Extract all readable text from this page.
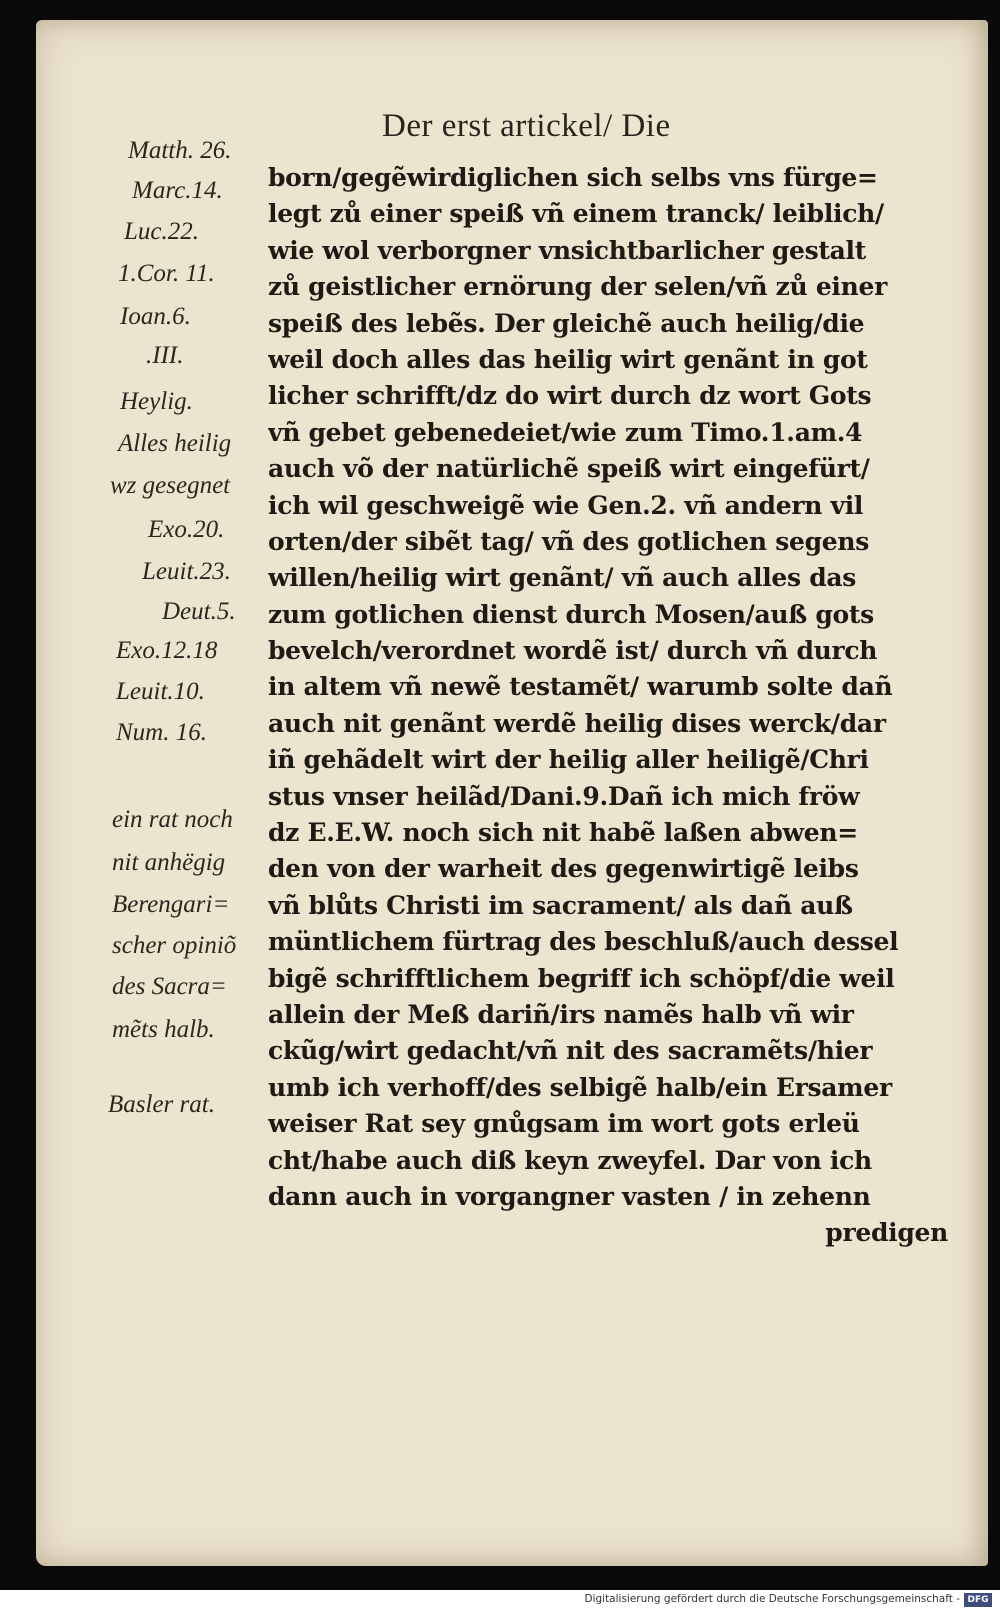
Der erst artickel/ Die

Matth. 26.

Marc.14.

Luc.22.

1.Cor. 11.

Ioan.6.

.III.

Heylig.

Alles heilig

wz gesegnet

Exo.20.

Leuit.23.

Deut.5.

Exo.12.18

Leuit.10.

Num. 16.

ein rat noch

nit anhëgig

Berengari=

scher opiniõ

des Sacra=

mẽts halb.

Basler rat.

born/gegẽwirdiglichen sich selbs vns fürge=

legt zů einer speiß vñ einem tranck/ leiblich/

wie wol verborgner vnsichtbarlicher gestalt

zů geistlicher ernörung der selen/vñ zů einer

speiß des lebẽs. Der gleichẽ auch heilig/die

weil doch alles das heilig wirt genãnt in got

licher schrifft/dz do wirt durch dz wort Gots

vñ gebet gebenedeiet/wie zum Timo.1.am.4

auch võ der natürlichẽ speiß wirt eingefürt/

ich wil geschweigẽ wie Gen.2. vñ andern vil

orten/der sibẽt tag/ vñ des gotlichen segens

willen/heilig wirt genãnt/ vñ auch alles das

zum gotlichen dienst durch Mosen/auß gots

bevelch/verordnet wordẽ ist/ durch vñ durch

in altem vñ newẽ testamẽt/ warumb solte dañ

auch nit genãnt werdẽ heilig dises werck/dar

iñ gehãdelt wirt der heilig aller heiligẽ/Chri

stus vnser heilãd/Dani.9.Dañ ich mich fröw

dz E.E.W. noch sich nit habẽ laßen abwen=

den von der warheit des gegenwirtigẽ leibs

vñ blůts Christi im sacrament/ als dañ auß

müntlichem fürtrag des beschluß/auch dessel

bigẽ schrifftlichem begriff ich schöpf/die weil

allein der Meß dariñ/irs namẽs halb vñ wir

ckũg/wirt gedacht/vñ nit des sacramẽts/hier

umb ich verhoff/des selbigẽ halb/ein Ersamer

weiser Rat sey gnůgsam im wort gots erleü

cht/habe auch diß keyn zweyfel. Dar von ich

dann auch in vorgangner vasten / in zehenn

predigen

Digitalisierung gefördert durch die Deutsche Forschungsgemeinschaft - DFG
